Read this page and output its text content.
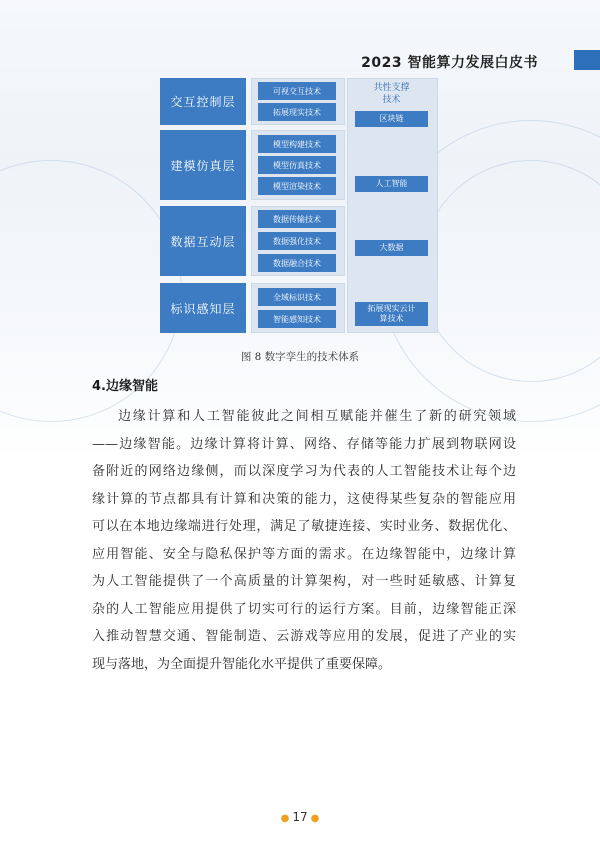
2023 智能算力发展白皮书
交互控制层
可视交互技术
拓展现实技术
建模仿真层
模型构建技术
模型仿真技术
模型渲染技术
数据互动层
数据传输技术
数据强化技术
数据融合技术
标识感知层
全域标识技术
智能感知技术
共性支撑
技术
区块链
人工智能
大数据
拓展现实云计
算技术
图 8 数字孪生的技术体系
4.边缘智能
边缘计算和人工智能彼此之间相互赋能并催生了新的研究领域
——边缘智能。边缘计算将计算、网络、存储等能力扩展到物联网设
备附近的网络边缘侧，而以深度学习为代表的人工智能技术让每个边
缘计算的节点都具有计算和决策的能力，这使得某些复杂的智能应用
可以在本地边缘端进行处理，满足了敏捷连接、实时业务、数据优化、
应用智能、安全与隐私保护等方面的需求。在边缘智能中，边缘计算
为人工智能提供了一个高质量的计算架构，对一些时延敏感、计算复
杂的人工智能应用提供了切实可行的运行方案。目前，边缘智能正深
入推动智慧交通、智能制造、云游戏等应用的发展，促进了产业的实
现与落地，为全面提升智能化水平提供了重要保障。
● 17 ●
